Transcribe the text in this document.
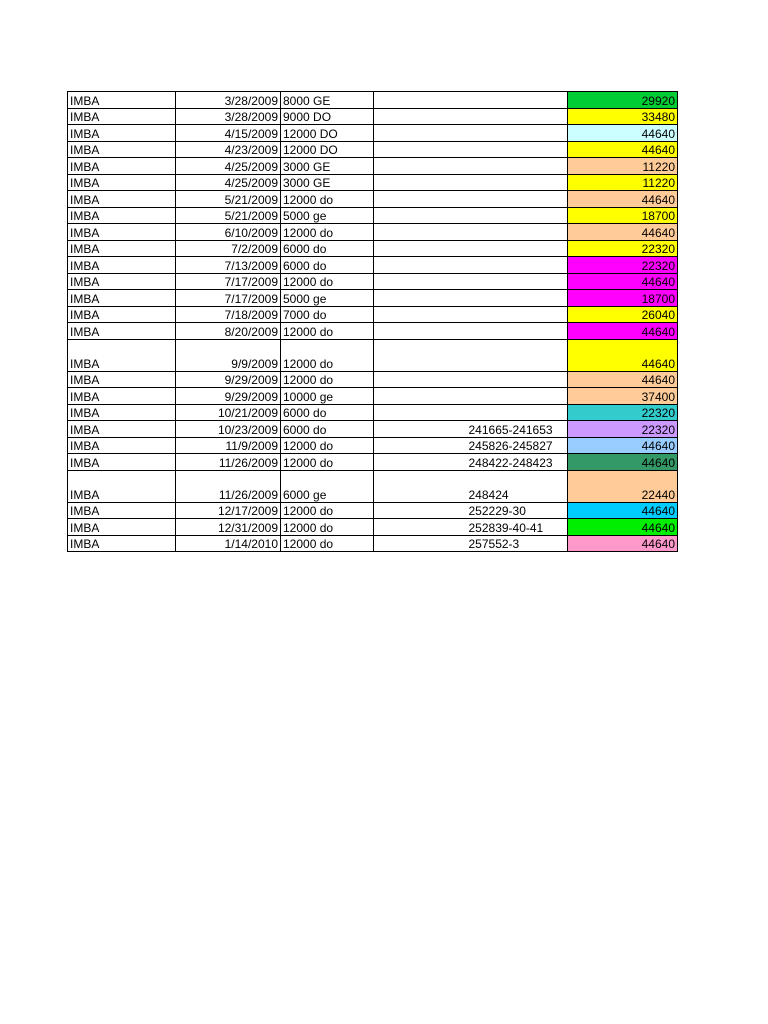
IMBA	3/28/2009	8000 GE			29920
IMBA	3/28/2009	9000 DO			33480
IMBA	4/15/2009	12000 DO			44640
IMBA	4/23/2009	12000 DO			44640
IMBA	4/25/2009	3000 GE			11220
IMBA	4/25/2009	3000 GE			11220
IMBA	5/21/2009	12000 do			44640
IMBA	5/21/2009	5000 ge			18700
IMBA	6/10/2009	12000 do			44640
IMBA	7/2/2009	6000 do			22320
IMBA	7/13/2009	6000 do			22320
IMBA	7/17/2009	12000 do			44640
IMBA	7/17/2009	5000 ge			18700
IMBA	7/18/2009	7000 do			26040
IMBA	8/20/2009	12000 do			44640
IMBA	9/9/2009	12000 do			44640
IMBA	9/29/2009	12000 do			44640
IMBA	9/29/2009	10000 ge			37400
IMBA	10/21/2009	6000 do			22320
IMBA	10/23/2009	6000 do		241665-241653	22320
IMBA	11/9/2009	12000 do		245826-245827	44640
IMBA	11/26/2009	12000 do		248422-248423	44640
IMBA	11/26/2009	6000 ge		248424	22440
IMBA	12/17/2009	12000 do		252229-30	44640
IMBA	12/31/2009	12000 do		252839-40-41	44640
IMBA	1/14/2010	12000 do		257552-3	44640
